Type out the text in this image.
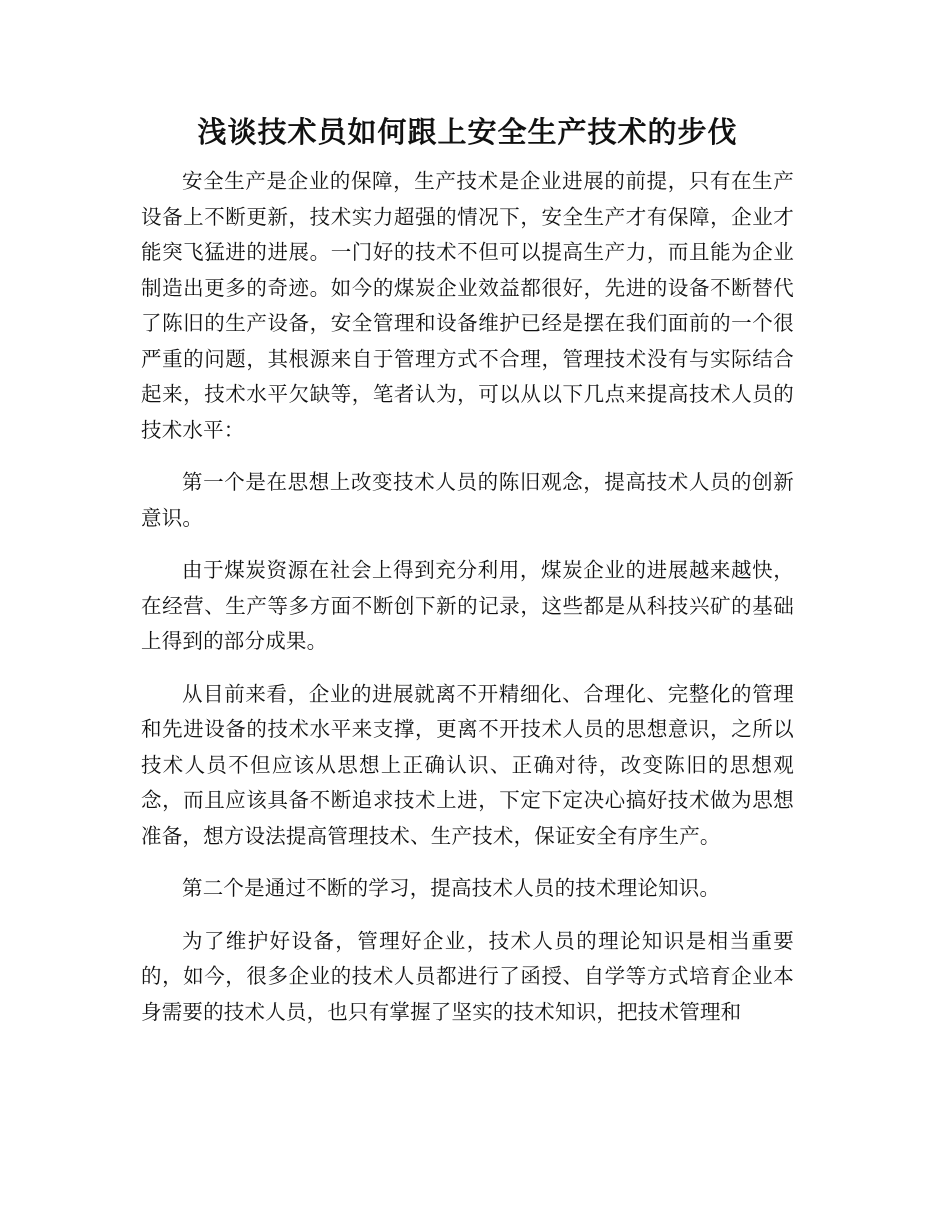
浅谈技术员如何跟上安全生产技术的步伐

安全生产是企业的保障，生产技术是企业进展的前提，只有在生产设备上不断更新，技术实力超强的情况下，安全生产才有保障，企业才能突飞猛进的进展。一门好的技术不但可以提高生产力，而且能为企业制造出更多的奇迹。如今的煤炭企业效益都很好，先进的设备不断替代了陈旧的生产设备，安全管理和设备维护已经是摆在我们面前的一个很严重的问题，其根源来自于管理方式不合理，管理技术没有与实际结合起来，技术水平欠缺等，笔者认为，可以从以下几点来提高技术人员的技术水平：

第一个是在思想上改变技术人员的陈旧观念，提高技术人员的创新意识。

由于煤炭资源在社会上得到充分利用，煤炭企业的进展越来越快，在经营、生产等多方面不断创下新的记录，这些都是从科技兴矿的基础上得到的部分成果。

从目前来看，企业的进展就离不开精细化、合理化、完整化的管理和先进设备的技术水平来支撑，更离不开技术人员的思想意识，之所以技术人员不但应该从思想上正确认识、正确对待，改变陈旧的思想观念，而且应该具备不断追求技术上进，下定下定决心搞好技术做为思想准备，想方设法提高管理技术、生产技术，保证安全有序生产。

第二个是通过不断的学习，提高技术人员的技术理论知识。

为了维护好设备，管理好企业，技术人员的理论知识是相当重要的，如今，很多企业的技术人员都进行了函授、自学等方式培育企业本身需要的技术人员，也只有掌握了坚实的技术知识，把技术管理和
